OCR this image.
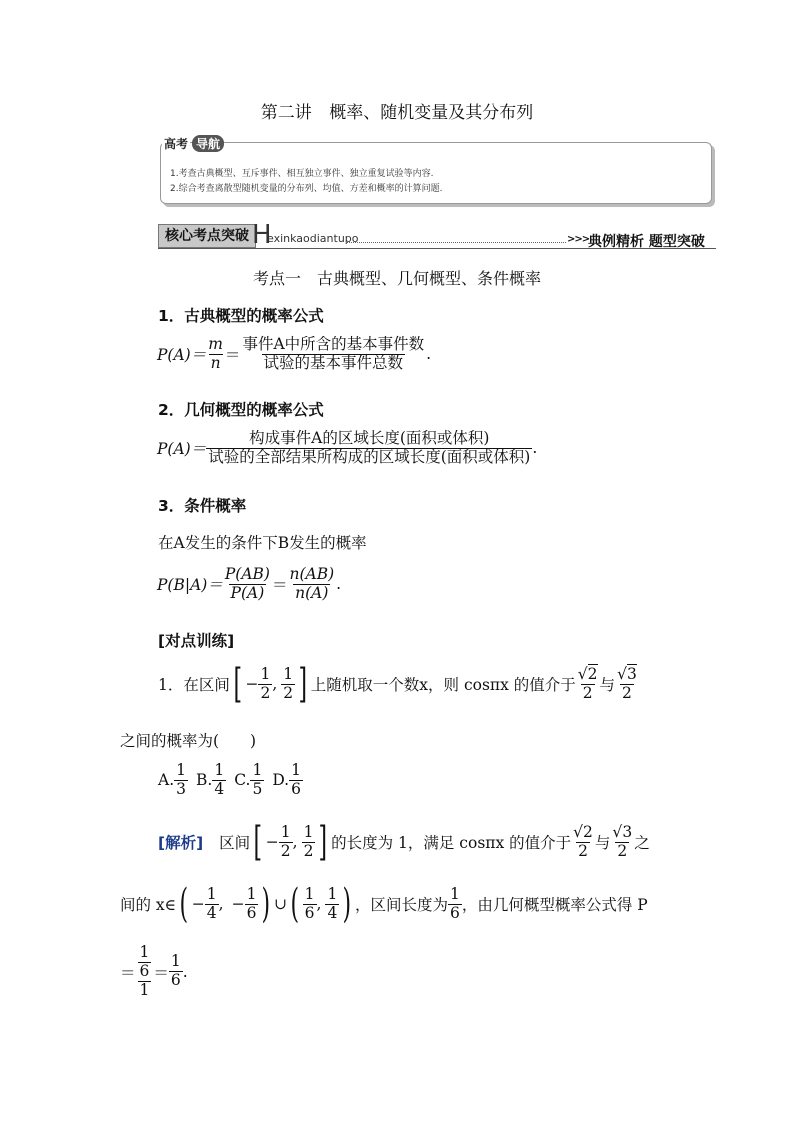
第二讲 概率、随机变量及其分布列
高考 导航
1.考查古典概型、互斥事件、相互独立事件、独立重复试验等内容.
2.综合考查离散型随机变量的分布列、均值、方差和概率的计算问题.
核心考点突破 H
exinkaodiantupo	>>>
典例精析 题型突破
考点一　古典概型、几何概型、条件概率
1．古典概型的概率公式
$P(A)= \frac{m}{n} = \frac{\text{事件A中所含的基本事件数}}{\text{试验的基本事件总数}}$ .
2．几何概型的概率公式
$P(A)= \frac{\text{构成事件A的区域长度(面积或体积)}}{\text{试验的全部结果所构成的区域长度(面积或体积)}}$ .
3．条件概率
在A发生的条件下B发生的概率
$P(B|A)= \frac{P(AB)}{P(A)} = \frac{n(AB)}{n(A)}$ .
[对点训练]
1．在区间 [ − $\frac{1}{2}$ , $\frac{1}{2}$ ] 上随机取一个数x，则 cosπx 的值介于 $\frac{√2}{2}$ 与 $\frac{√3}{2}$
之间的概率为(　　)
A. $\frac{1}{3} B$. $\frac{1}{4} C$. $\frac{1}{5} D$. $\frac{1}{6}$
[解析] 区间 [ − $\frac{1}{2}$ , $\frac{1}{2}$ ] 的长度为 1，满足 cosπx 的值介于 $\frac{√2}{2}$ 与 $\frac{√3}{2}$ 之
间的 x∈ ( − $\frac{1}{4}$ , − $\frac{1}{6}$ ) ∪ ( $\frac{1}{6}$ , $\frac{1}{4}$ ) ，区间长度为 $\frac{1}{6}$ ，由几何概型概率公式得 P
＝ $\frac{\frac{1}{6}}{1} = \frac{1}{6}$ .
